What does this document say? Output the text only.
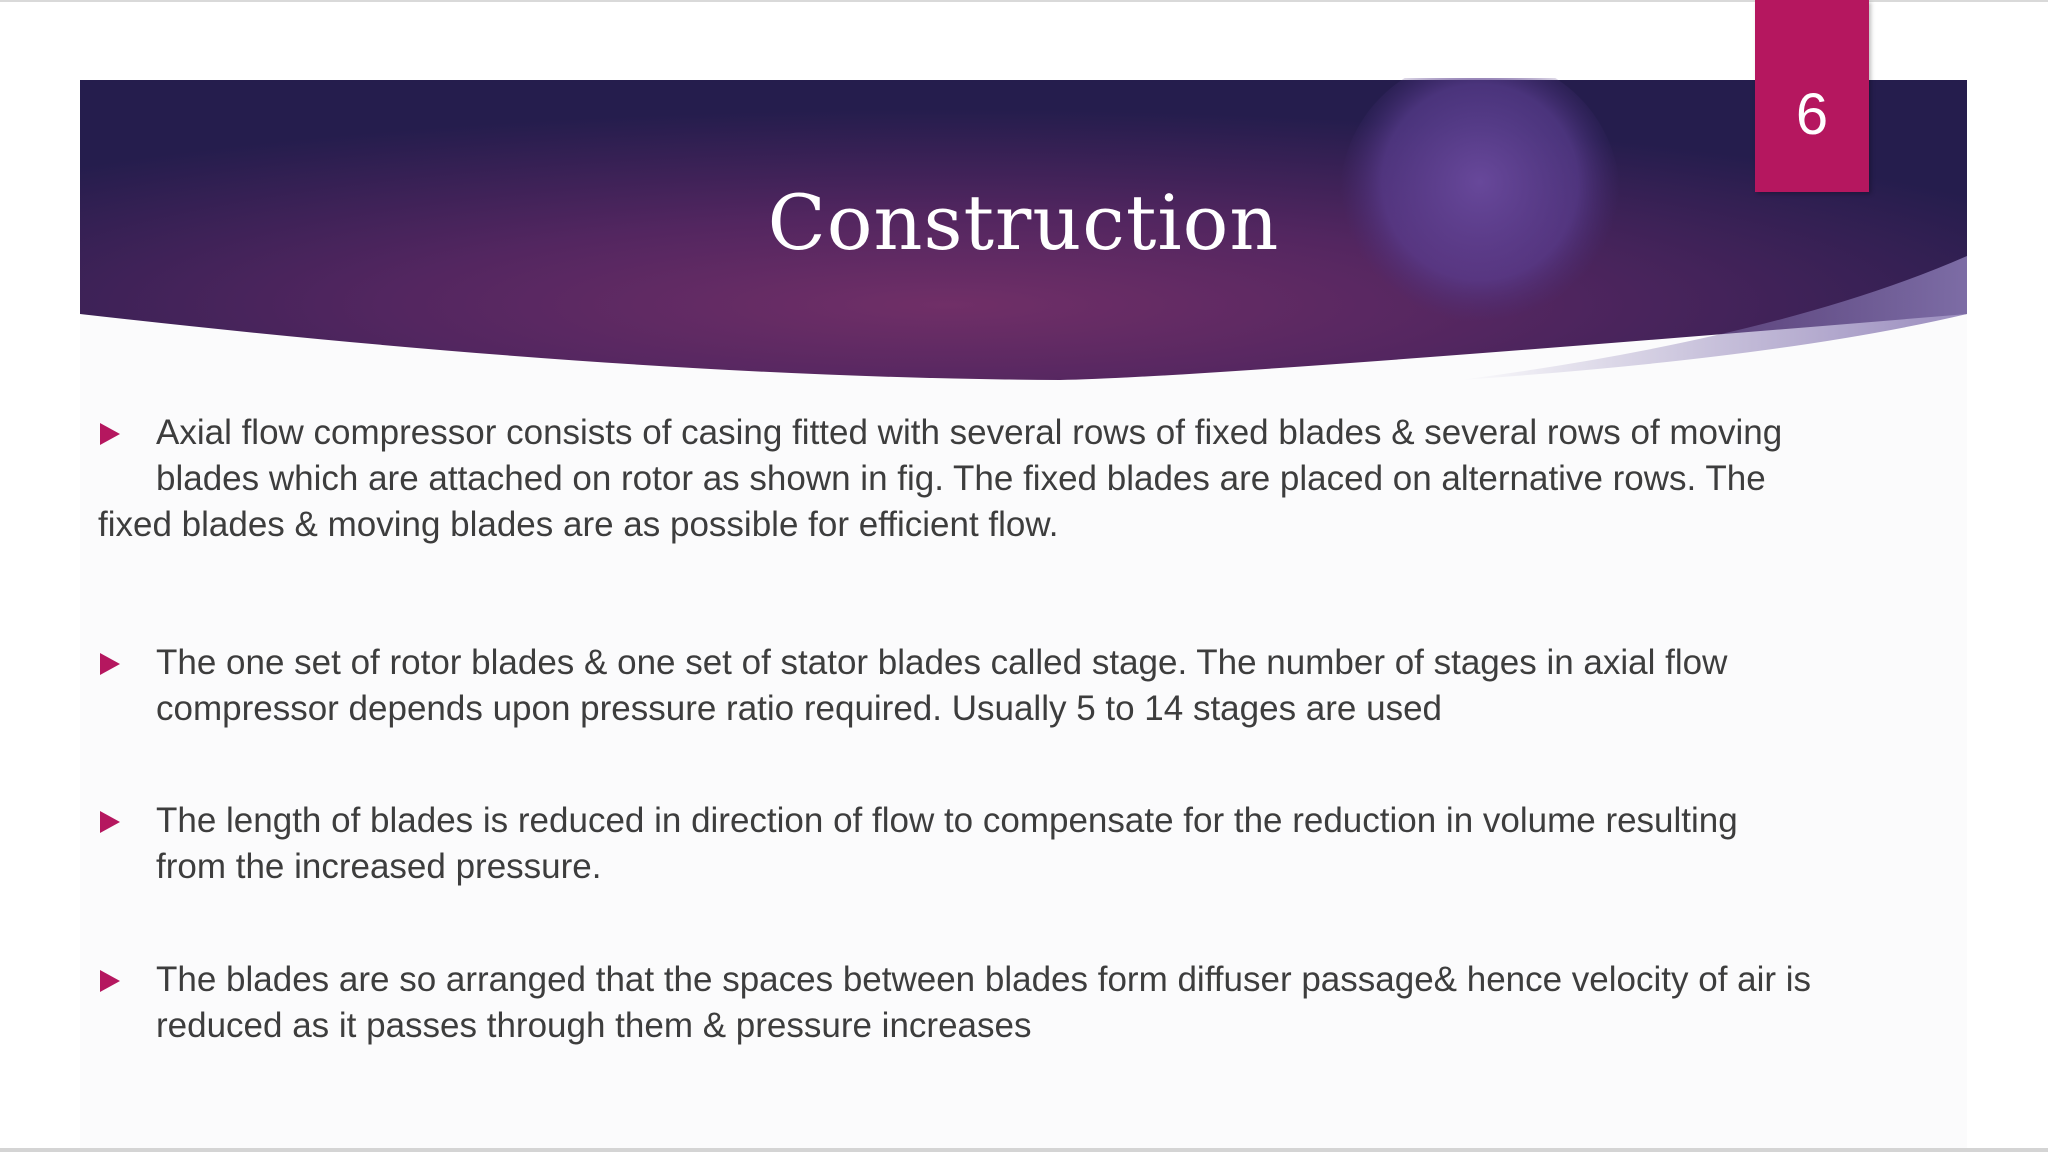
Construction
6

Axial flow compressor consists of casing fitted with several rows of fixed blades & several rows of moving
blades which are attached on rotor as shown in fig. The fixed blades are placed on alternative rows. The
fixed blades & moving blades are as possible for efficient flow.

The one set of rotor blades & one set of stator blades called stage. The number of stages in axial flow
compressor depends upon pressure ratio required. Usually 5 to 14 stages are used

The length of blades is reduced in direction of flow to compensate for the reduction in volume resulting
from the increased pressure.

The blades are so arranged that the spaces between blades form diffuser passage& hence velocity of air is
reduced as it passes through them & pressure increases
